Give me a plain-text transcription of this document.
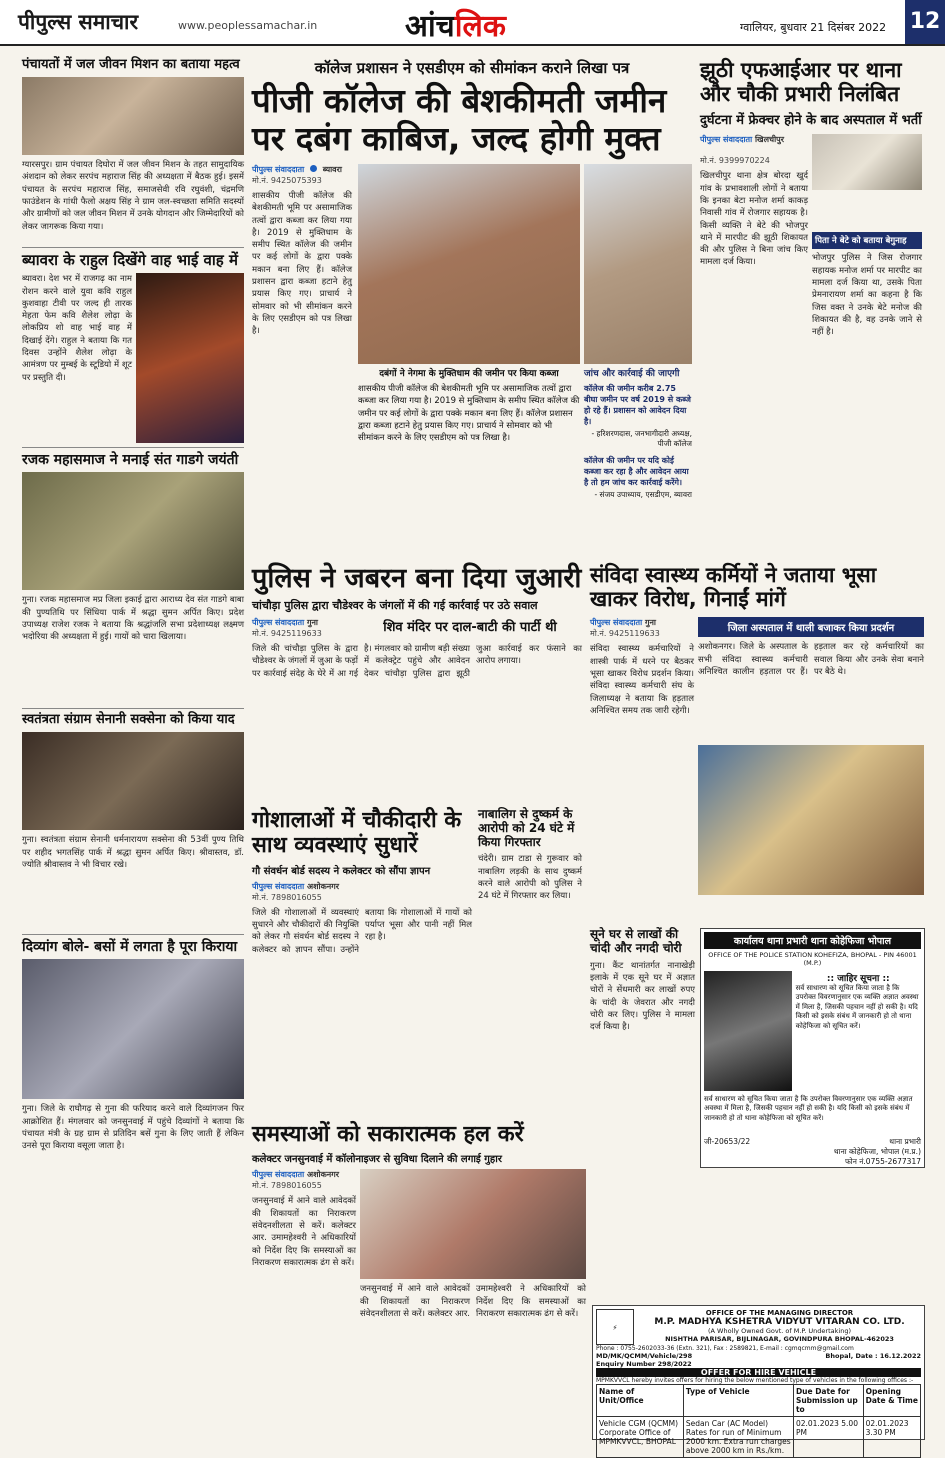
पीपुल्स समाचार	www.peoplessamachar.in	आंचलिक	ग्वालियर, बुधवार 21 दिसंबर 2022 12
पंचायतों में जल जीवन मिशन का बताया महत्व
ग्यारसपुर। ग्राम पंचायत दिघोरा में जल जीवन मिशन के तहत सामुदायिक अंशदान को लेकर सरपंच महाराज सिंह की अध्यक्षता में बैठक हुई। इसमें पंचायत के सरपंच महाराज सिंह, समाजसेवी रवि रघुवंशी, चंद्रमणि फाउंडेशन के गांधी फैलो अक्षय सिंह ने ग्राम जल-स्वच्छता समिति सदस्यों और ग्रामीणों को जल जीवन मिशन में उनके योगदान और जिम्मेदारियों को लेकर जागरूक किया गया।
ब्यावरा के राहुल दिखेंगे वाह भाई वाह में
ब्यावरा। देश भर में राजगढ़ का नाम रोशन करने वाले युवा कवि राहुल कुशवाहा टीवी पर जल्द ही तारक मेहता फेम कवि शैलेश लोढ़ा के लोकप्रिय शो वाह भाई वाह में दिखाई देंगे। राहुल ने बताया कि गत दिवस उन्होंने शैलेश लोढ़ा के आमंत्रण पर मुम्बई के स्टूडियो में शूट पर प्रस्तुति दी।
रजक महासमाज ने मनाई संत गाडगे जयंती
गुना। रजक महासमाज मप्र जिला इकाई द्वारा आराध्य देव संत गाडगे बाबा की पुण्यतिथि पर सिंधिया पार्क में श्रद्धा सुमन अर्पित किए। प्रदेश उपाध्यक्ष राजेश रजक ने बताया कि श्रद्धांजलि सभा प्रदेशाध्यक्ष लक्ष्मण भदोरिया की अध्यक्षता में हुई। गायों को चारा खिलाया।
स्वतंत्रता संग्राम सेनानी सक्सेना को किया याद
गुना। स्वतंत्रता संग्राम सेनानी धर्मनारायण सक्सेना की 53वीं पुण्य तिथि पर शहीद भगतसिंह पार्क में श्रद्धा सुमन अर्पित किए। श्रीवास्तव, डॉ. ज्योति श्रीवास्तव ने भी विचार रखे।
दिव्यांग बोले- बसों में लगता है पूरा किराया
गुना। जिले के राघौगढ़ से गुना की फरियाद करने वाले दिव्यांगजन फिर आक्रोशित हैं। मंगलवार को जनसुनवाई में पहुंचे दिव्यांगों ने बताया कि पंचायत मंत्री के ग्रह ग्राम से प्रतिदिन बसें गुना के लिए जाती हैं लेकिन उनसे पूरा किराया वसूला जाता है।
कॉलेज प्रशासन ने एसडीएम को सीमांकन कराने लिखा पत्र
पीजी कॉलेज की बेशकीमती जमीन पर दबंग काबिज, जल्द होगी मुक्त
पीपुल्स संवाददाता ब्यावरा
मो.नं. 9425075393
शासकीय पीजी कॉलेज की बेशकीमती भूमि पर असामाजिक तत्वों द्वारा कब्जा कर लिया गया है। 2019 से मुक्तिधाम के समीप स्थित कॉलेज की जमीन पर कई लोगों के द्वारा पक्के मकान बना लिए हैं। कॉलेज प्रशासन द्वारा कब्जा हटाने हेतु प्रयास किए गए। प्राचार्य ने सोमवार को भी सीमांकन करने के लिए एसडीएम को पत्र लिखा है।
दबंगों ने नेगमा के मुक्तिधाम की जमीन पर किया कब्जा	जांच और कार्रवाई की जाएगी
शासकीय पीजी कॉलेज की बेशकीमती भूमि पर असामाजिक तत्वों द्वारा कब्जा कर लिया गया है। 2019 से मुक्तिधाम के समीप स्थित कॉलेज की जमीन पर कई लोगों के द्वारा पक्के मकान बना लिए हैं। कॉलेज प्रशासन द्वारा कब्जा हटाने हेतु प्रयास किए गए। प्राचार्य ने सोमवार को भी सीमांकन करने के लिए एसडीएम को पत्र लिखा है।
कॉलेज की जमीन करीब 2.75 बीघा जमीन पर वर्ष 2019 से कब्जे हो रहे हैं। प्रशासन को आवेदन दिया है।
- हरिशरणदास, जनभागीदारी अध्यक्ष, पीजी कॉलेज
कॉलेज की जमीन पर यदि कोई कब्जा कर रहा है और आवेदन आया है तो हम जांच कर कार्रवाई करेंगे।
- संजय उपाध्याय, एसडीएम, ब्यावरा
झूठी एफआईआर पर थाना और चौकी प्रभारी निलंबित
दुर्घटना में फ्रेक्चर होने के बाद अस्पताल में भर्ती
पीपुल्स संवाददाता खिलचीपुर
मो.नं. 9399970224
खिलचीपुर थाना क्षेत्र बोरदा खुर्द गांव के प्रभावशाली लोगों ने बताया कि इनका बेटा मनोज शर्मा काकड़ निवासी गांव में रोजगार सहायक है। किसी व्यक्ति ने बेटे की भोजपुर थाने में मारपीट की झूठी शिकायत की और पुलिस ने बिना जांच किए मामला दर्ज किया।
पिता ने बेटे को बताया बेगुनाह
भोजपुर पुलिस ने जिस रोजगार सहायक मनोज शर्मा पर मारपीट का मामला दर्ज किया था, उसके पिता प्रेमनारायण शर्मा का कहना है कि जिस वक्त ने उनके बेटे मनोज की शिकायत की है, वह उनके जाने से नहीं है।
पुलिस ने जबरन बना दिया जुआरी
चांचौड़ा पुलिस द्वारा चौडेश्वर के जंगलों में की गई कार्रवाई पर उठे सवाल
पीपुल्स संवाददाता गुना
मो.नं. 9425119633	शिव मंदिर पर दाल-बाटी की पार्टी थी
जिले की चांचौड़ा पुलिस के द्वारा चौडेश्वर के जंगलों में जुआ के फड़ों पर कार्रवाई संदेह के घेरे में आ गई है। मंगलवार को ग्रामीण बड़ी संख्या में कलेक्ट्रेट पहुंचे और आवेदन देकर चांचौड़ा पुलिस द्वारा झूठी जुआ कार्रवाई कर फंसाने का आरोप लगाया।
गोशालाओं में चौकीदारी के साथ व्यवस्थाएं सुधारें
गौ संवर्धन बोर्ड सदस्य ने कलेक्टर को सौंपा ज्ञापन
पीपुल्स संवाददाता अशोकनगर
मो.नं. 7898016055
जिले की गोशालाओं में व्यवस्थाएं सुधारने और चौकीदारों की नियुक्ति को लेकर गौ संवर्धन बोर्ड सदस्य ने कलेक्टर को ज्ञापन सौंपा। उन्होंने बताया कि गोशालाओं में गायों को पर्याप्त भूसा और पानी नहीं मिल रहा है।
नाबालिग से दुष्कर्म के आरोपी को 24 घंटे में किया गिरफ्तार
चंदेरी। ग्राम टाडा से गुरूवार को नाबालिग लड़की के साथ दुष्कर्म करने वाले आरोपी को पुलिस ने 24 घंटे में गिरफ्तार कर लिया।
संविदा स्वास्थ्य कर्मियों ने जताया भूसा खाकर विरोध, गिनाईं मांगें
पीपुल्स संवाददाता गुना
मो.नं. 9425119633
संविदा स्वास्थ्य कर्मचारियों ने शास्त्री पार्क में धरने पर बैठकर भूसा खाकर विरोध प्रदर्शन किया। संविदा स्वास्थ्य कर्मचारी संघ के जिलाध्यक्ष ने बताया कि हड़ताल अनिश्चित समय तक जारी रहेगी।
जिला अस्पताल में थाली बजाकर किया प्रदर्शन
अशोकनगर। जिले के अस्पताल के सभी संविदा स्वास्थ्य कर्मचारी अनिश्चित कालीन हड़ताल पर हैं। हड़ताल कर रहे कर्मचारियों का सवाल किया और उनके सेवा बनाने पर बैठे थे।
सूने घर से लाखों की चांदी और नगदी चोरी
गुना। कैंट थानांतर्गत नानाखेड़ी इलाके में एक सूने घर में अज्ञात चोरों ने सेंधमारी कर लाखों रुपए के चांदी के जेवरात और नगदी चोरी कर लिए। पुलिस ने मामला दर्ज किया है।
समस्याओं को सकारात्मक हल करें
कलेक्टर जनसुनवाई में कॉलोनाइजर से सुविधा दिलाने की लगाई गुहार
पीपुल्स संवाददाता अशोकनगर
मो.नं. 7898016055
जनसुनवाई में आने वाले आवेदकों की शिकायतों का निराकरण संवेदनशीलता से करें। कलेक्टर आर. उमामहेश्वरी ने अधिकारियों को निर्देश दिए कि समस्याओं का निराकरण सकारात्मक ढंग से करें।
जनसुनवाई में आने वाले आवेदकों की शिकायतों का निराकरण संवेदनशीलता से करें। कलेक्टर आर. उमामहेश्वरी ने अधिकारियों को निर्देश दिए कि समस्याओं का निराकरण सकारात्मक ढंग से करें।
कार्यालय थाना प्रभारी थाना कोहेफिजा भोपाल
OFFICE OF THE POLICE STATION KOHEFIZA, BHOPAL - PIN 46001 (M.P.)
:: जाहिर सूचना ::
सर्व साधारण को सूचित किया जाता है कि उपरोक्त विवरणानुसार एक व्यक्ति अज्ञात अवस्था में मिला है, जिसकी पहचान नहीं हो सकी है। यदि किसी को इसके संबंध में जानकारी हो तो थाना कोहेफिजा को सूचित करें।
सर्व साधारण को सूचित किया जाता है कि उपरोक्त विवरणानुसार एक व्यक्ति अज्ञात अवस्था में मिला है, जिसकी पहचान नहीं हो सकी है। यदि किसी को इसके संबंध में जानकारी हो तो थाना कोहेफिजा को सूचित करें।
जी-20653/22	थाना प्रभारी
थाना कोहेफिजा, भोपाल (म.प्र.)
फोन नं.0755-2677317
⚡
OFFICE OF THE MANAGING DIRECTOR
M.P. MADHYA KSHETRA VIDYUT VITARAN CO. LTD.
(A Wholly Owned Govt. of M.P. Undertaking)
NISHTHA PARISAR, BIJLINAGAR, GOVINDPURA BHOPAL-462023
Phone : 0755-2602033-36 (Extn. 321), Fax : 2589821, E-mail : cgmqcmm@gmail.com
MD/MK/QCMM/Vehicle/298	Bhopal, Date : 16.12.2022
Enquiry Number 298/2022
OFFER FOR HIRE VEHICLE
MPMKVVCL hereby invites offers for hiring the below mentioned type of vehicles in the following offices :-
Name of Unit/Office	Type of Vehicle	Due Date for Submission up to	Opening Date & Time
Vehicle CGM (QCMM) Corporate Office of MPMKVVCL, BHOPAL	Sedan Car (AC Model) Rates for run of Minimum 2000 km. Extra run charges above 2000 km in Rs./km.	02.01.2023 5.00 PM	02.01.2023 3.30 PM
